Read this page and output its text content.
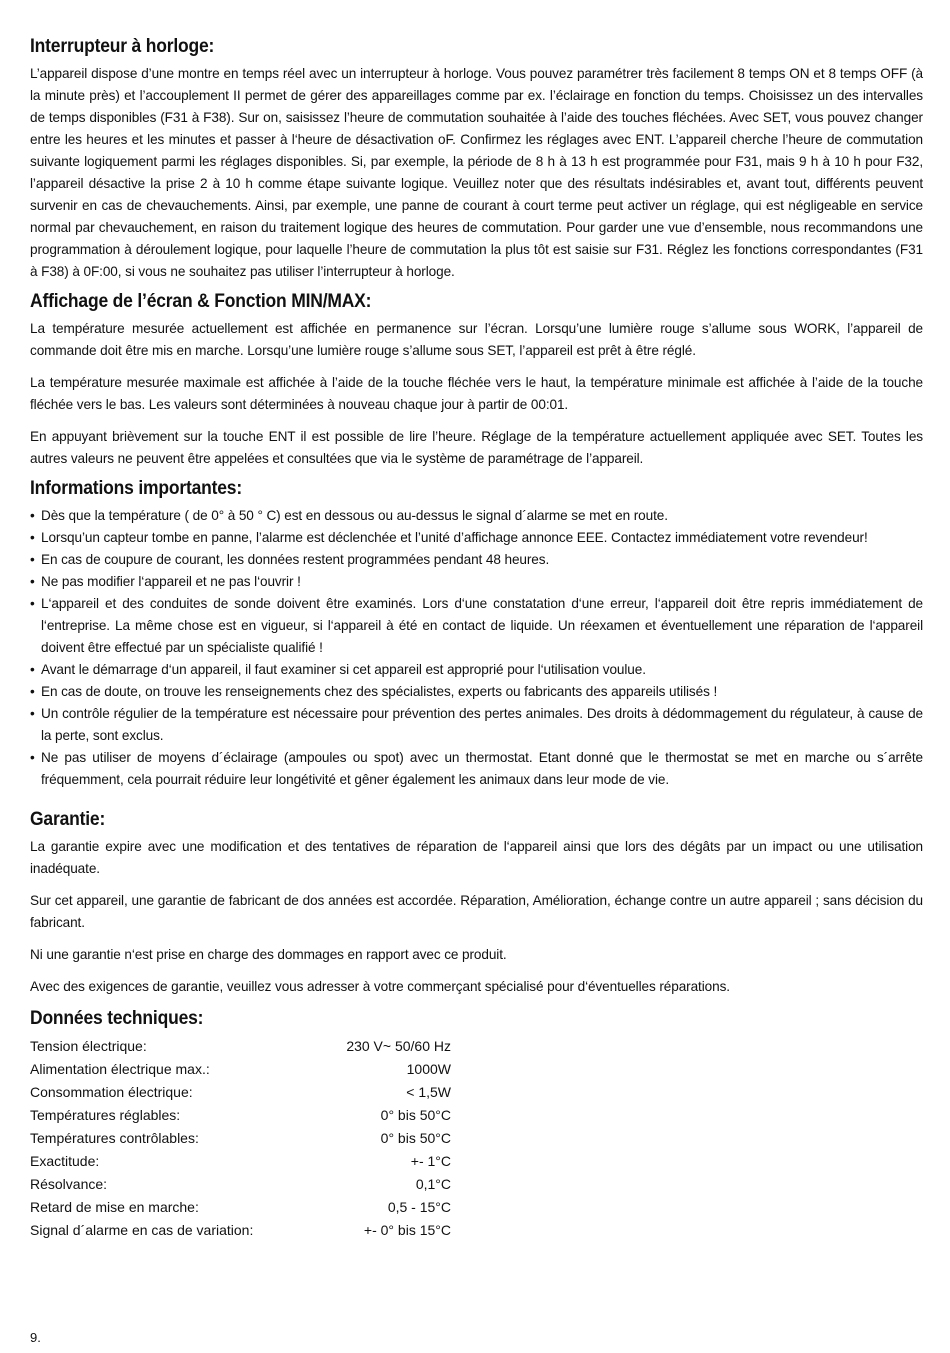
Interrupteur à horloge:

L’appareil dispose d’une montre en temps réel avec un interrupteur à horloge. Vous pouvez paramétrer très facilement 8 temps ON et 8 temps OFF (à la minute près) et l’accouplement II permet de gérer des appareillages comme par ex. l’éclairage en fonction du temps. Choisissez un des intervalles de temps disponibles (F31 à F38). Sur on, saisissez l’heure de commutation souhaitée à l’aide des touches fléchées. Avec SET, vous pouvez changer entre les heures et les minutes et passer à l‘heure de désactivation oF. Confirmez les réglages avec ENT. L’appareil cherche l’heure de commutation suivante logiquement parmi les réglages disponibles. Si, par exemple, la période de 8 h à 13 h est programmée pour F31, mais 9 h à 10 h pour F32, l’appareil désactive la prise 2 à 10 h comme étape suivante logique. Veuillez noter que des résultats indésirables et, avant tout, différents peuvent survenir en cas de chevauchements. Ainsi, par exemple, une panne de courant à court terme peut activer un réglage, qui est négligeable en service normal par chevauchement, en raison du traitement logique des heures de commutation. Pour garder une vue d’ensemble, nous recommandons une programmation à déroulement logique, pour laquelle l’heure de commutation la plus tôt est saisie sur F31. Réglez les fonctions correspondantes (F31 à F38) à 0F:00, si vous ne souhaitez pas utiliser l’interrupteur à horloge.

Affichage de l’écran & Fonction MIN/MAX:

La température mesurée actuellement est affichée en permanence sur l’écran. Lorsqu’une lumière rouge s’allume sous WORK, l’appareil de commande doit être mis en marche. Lorsqu’une lumière rouge s’allume sous SET, l’appareil est prêt à être réglé.

La température mesurée maximale est affichée à l’aide de la touche fléchée vers le haut, la température minimale est affichée à l’aide de la touche fléchée vers le bas. Les valeurs sont déterminées à nouveau chaque jour à partir de 00:01.

En appuyant brièvement sur la touche ENT il est possible de lire l’heure. Réglage de la température actuellement appliquée avec SET. Toutes les autres valeurs ne peuvent être appelées et consultées que via le système de paramétrage de l’appareil.

Informations importantes:
• Dès que la température ( de 0° à 50 ° C) est en dessous ou au-dessus le signal d´alarme se met en route.
• Lorsqu’un capteur tombe en panne, l’alarme est déclenchée et l’unité d’affichage annonce EEE. Contactez immédiatement votre revendeur!
• En cas de coupure de courant, les données restent programmées pendant 48 heures.
• Ne pas modifier l‘appareil et ne pas l‘ouvrir !
• L‘appareil et des conduites de sonde doivent être examinés. Lors d‘une constatation d‘une erreur, l‘appareil doit être repris immédiatement de l‘entreprise. La même chose est en vigueur, si l‘appareil à été en contact de liquide. Un réexamen et éventuellement une réparation de l‘appareil doivent être effectué par un spécialiste qualifié !
• Avant le démarrage d‘un appareil, il faut examiner si cet appareil est approprié pour l‘utilisation voulue.
• En cas de doute, on trouve les renseignements chez des spécialistes, experts ou fabricants des appareils utilisés !
• Un contrôle régulier de la température est nécessaire pour prévention des pertes animales. Des droits à dédommagement du régulateur, à cause de la perte, sont exclus.
• Ne pas utiliser de moyens d´éclairage (ampoules ou spot) avec un thermostat. Etant donné que le thermostat se met en marche ou s´arrête fréquemment, cela pourrait réduire leur longétivité et gêner également les animaux dans leur mode de vie.
Garantie:

La garantie expire avec une modification et des tentatives de réparation de l‘appareil ainsi que lors des dégâts par un impact ou une utilisation inadéquate.

Sur cet appareil, une garantie de fabricant de dos années est accordée. Réparation, Amélioration, échange contre un autre appareil ; sans décision du fabricant.

Ni une garantie n‘est prise en charge des dommages en rapport avec ce produit.

Avec des exigences de garantie, veuillez vous adresser à votre commerçant spécialisé pour d‘éventuelles réparations.

Données techniques:
Tension électrique:	230 V~ 50/60 Hz
Alimentation électrique max.:	1000W
Consommation électrique:	< 1,5W
Températures réglables:	0° bis 50°C
Températures contrôlables:	0° bis 50°C
Exactitude:	+- 1°C
Résolvance:	0,1°C
Retard de mise en marche:	0,5 - 15°C
Signal d´alarme en cas de variation:	+- 0° bis 15°C
9.
